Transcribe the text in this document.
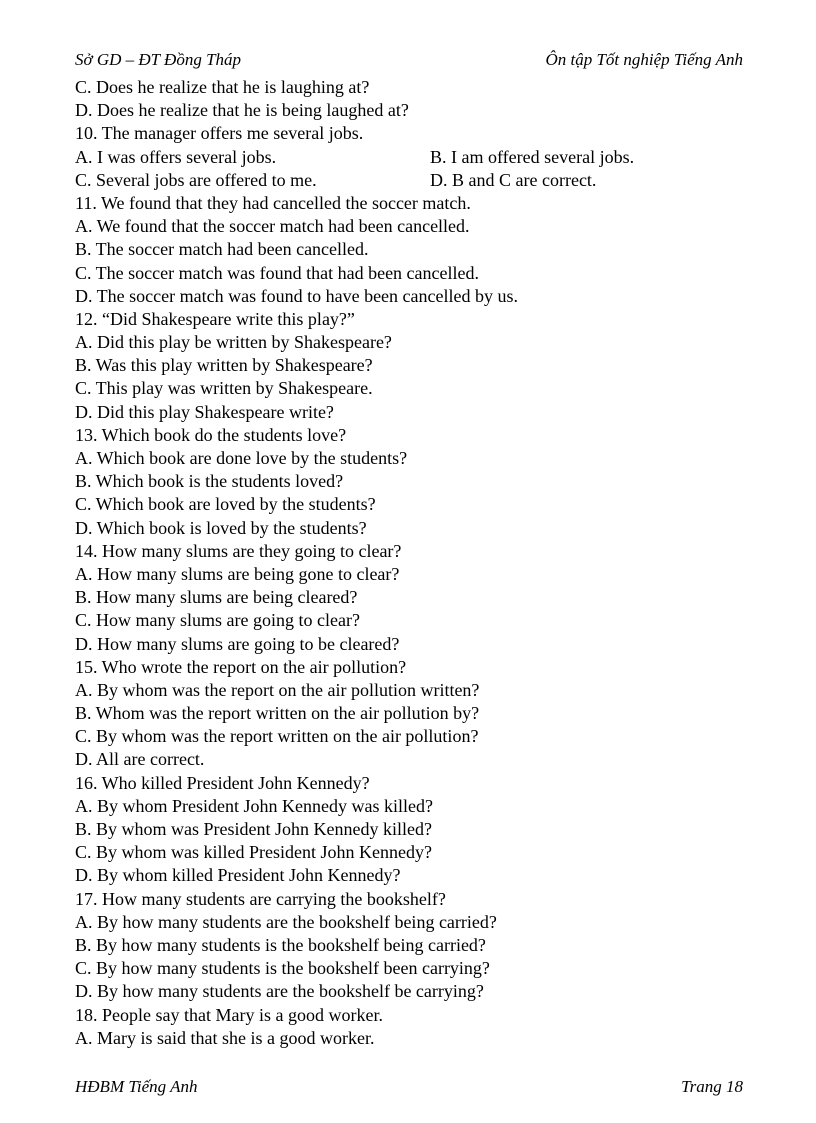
Sở GD – ĐT Đồng Tháp	Ôn tập Tốt nghiệp Tiếng Anh
C. Does he realize that he is laughing at?
D. Does he realize that he is being laughed at?
10. The manager offers me several jobs.
A. I was offers several jobs.	B. I am offered several jobs.
C. Several jobs are offered to me.	D. B and C are correct.
11. We found that they had cancelled the soccer match.
A. We found that the soccer match had been cancelled.
B. The soccer match had been cancelled.
C. The soccer match was found that had been cancelled.
D. The soccer match was found to have been cancelled by us.
12. “Did Shakespeare write this play?”
A. Did this play be written by Shakespeare?
B. Was this play written by Shakespeare?
C. This play was written by Shakespeare.
D. Did this play Shakespeare write?
13. Which book do the students love?
A. Which book are done love by the students?
B. Which book is the students loved?
C. Which book are loved by the students?
D. Which book is loved by the students?
14. How many slums are they going to clear?
A. How many slums are being gone to clear?
B. How many slums are being cleared?
C. How many slums are going to clear?
D. How many slums are going to be cleared?
15. Who wrote the report on the air pollution?
A. By whom was the report on the air pollution written?
B. Whom was the report written on the air pollution by?
C. By whom was the report written on the air pollution?
D. All are correct.
16. Who killed President John Kennedy?
A. By whom President John Kennedy was killed?
B. By whom was President John Kennedy killed?
C. By whom was killed President John Kennedy?
D. By whom killed President John Kennedy?
17. How many students are carrying the bookshelf?
A. By how many students are the bookshelf being carried?
B. By how many students is the bookshelf being carried?
C. By how many students is the bookshelf been carrying?
D. By how many students are the bookshelf be carrying?
18. People say that Mary is a good worker.
A. Mary is said that she is a good worker.
HĐBM Tiếng Anh	Trang 18
